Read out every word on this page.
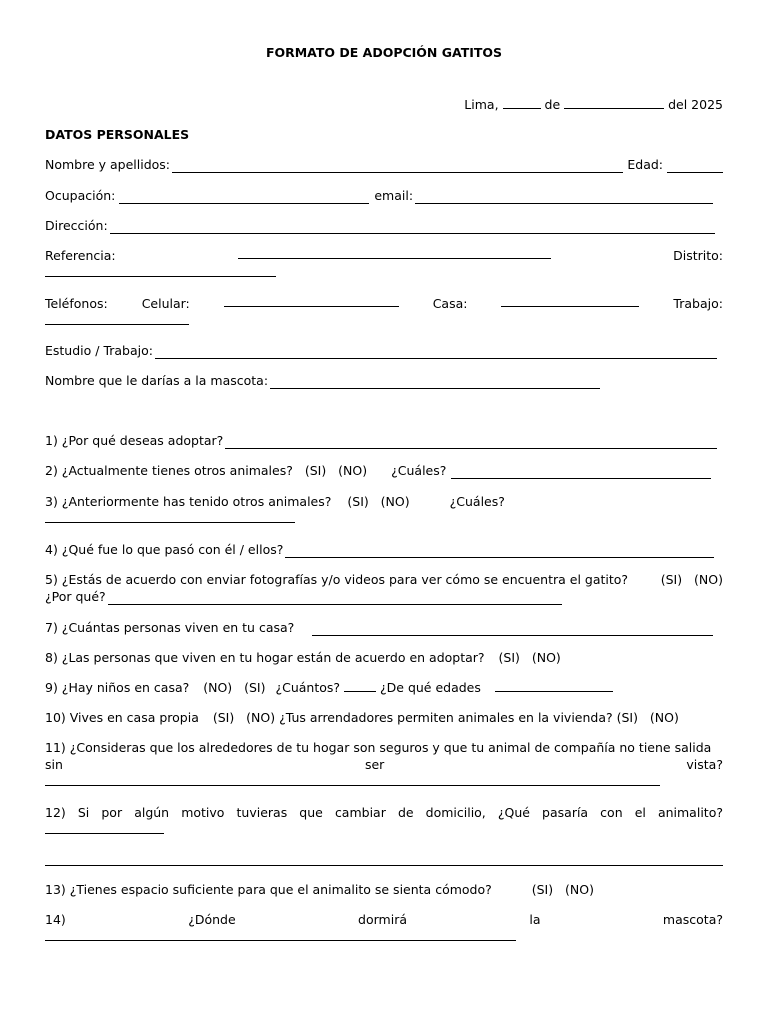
FORMATO DE ADOPCIÓN GATITOS
Lima,	de	del 2025
DATOS PERSONALES
Nombre y apellidos:	Edad:
Ocupación:	email:
Dirección:
Referencia:	Distrito:
Teléfonos:	Celular:	Casa:	Trabajo:
Estudio / Trabajo:
Nombre que le darías a la mascota:
1) ¿Por qué deseas adoptar?
2) ¿Actualmente tienes otros animales? (SI)   (NO) ¿Cuáles?
3) ¿Anteriormente has tenido otros animales? (SI)   (NO)	¿Cuáles?
4) ¿Qué fue lo que pasó con él / ellos?
5) ¿Estás de acuerdo con enviar fotografías y/o videos para ver cómo se encuentra el gatito?	(SI)   (NO)
¿Por qué?
7) ¿Cuántas personas viven en tu casa?
8) ¿Las personas que viven en tu hogar están de acuerdo en adoptar? (SI)   (NO)
9) ¿Hay niños en casa? (NO)   (SI) ¿Cuántos?	¿De qué edades
10) Vives en casa propia (SI)   (NO) ¿Tus arrendadores permiten animales en la vivienda? (SI)   (NO)
11) ¿Consideras que los alrededores de tu hogar son seguros y que tu animal de compañía no tiene salida
sin	ser	vista?
12) Si por algún motivo tuvieras que cambiar de domicilio, ¿Qué pasaría con el animalito?
13) ¿Tienes espacio suficiente para que el animalito se sienta cómodo?	(SI)   (NO)
14)	¿Dónde	dormirá	la	mascota?
